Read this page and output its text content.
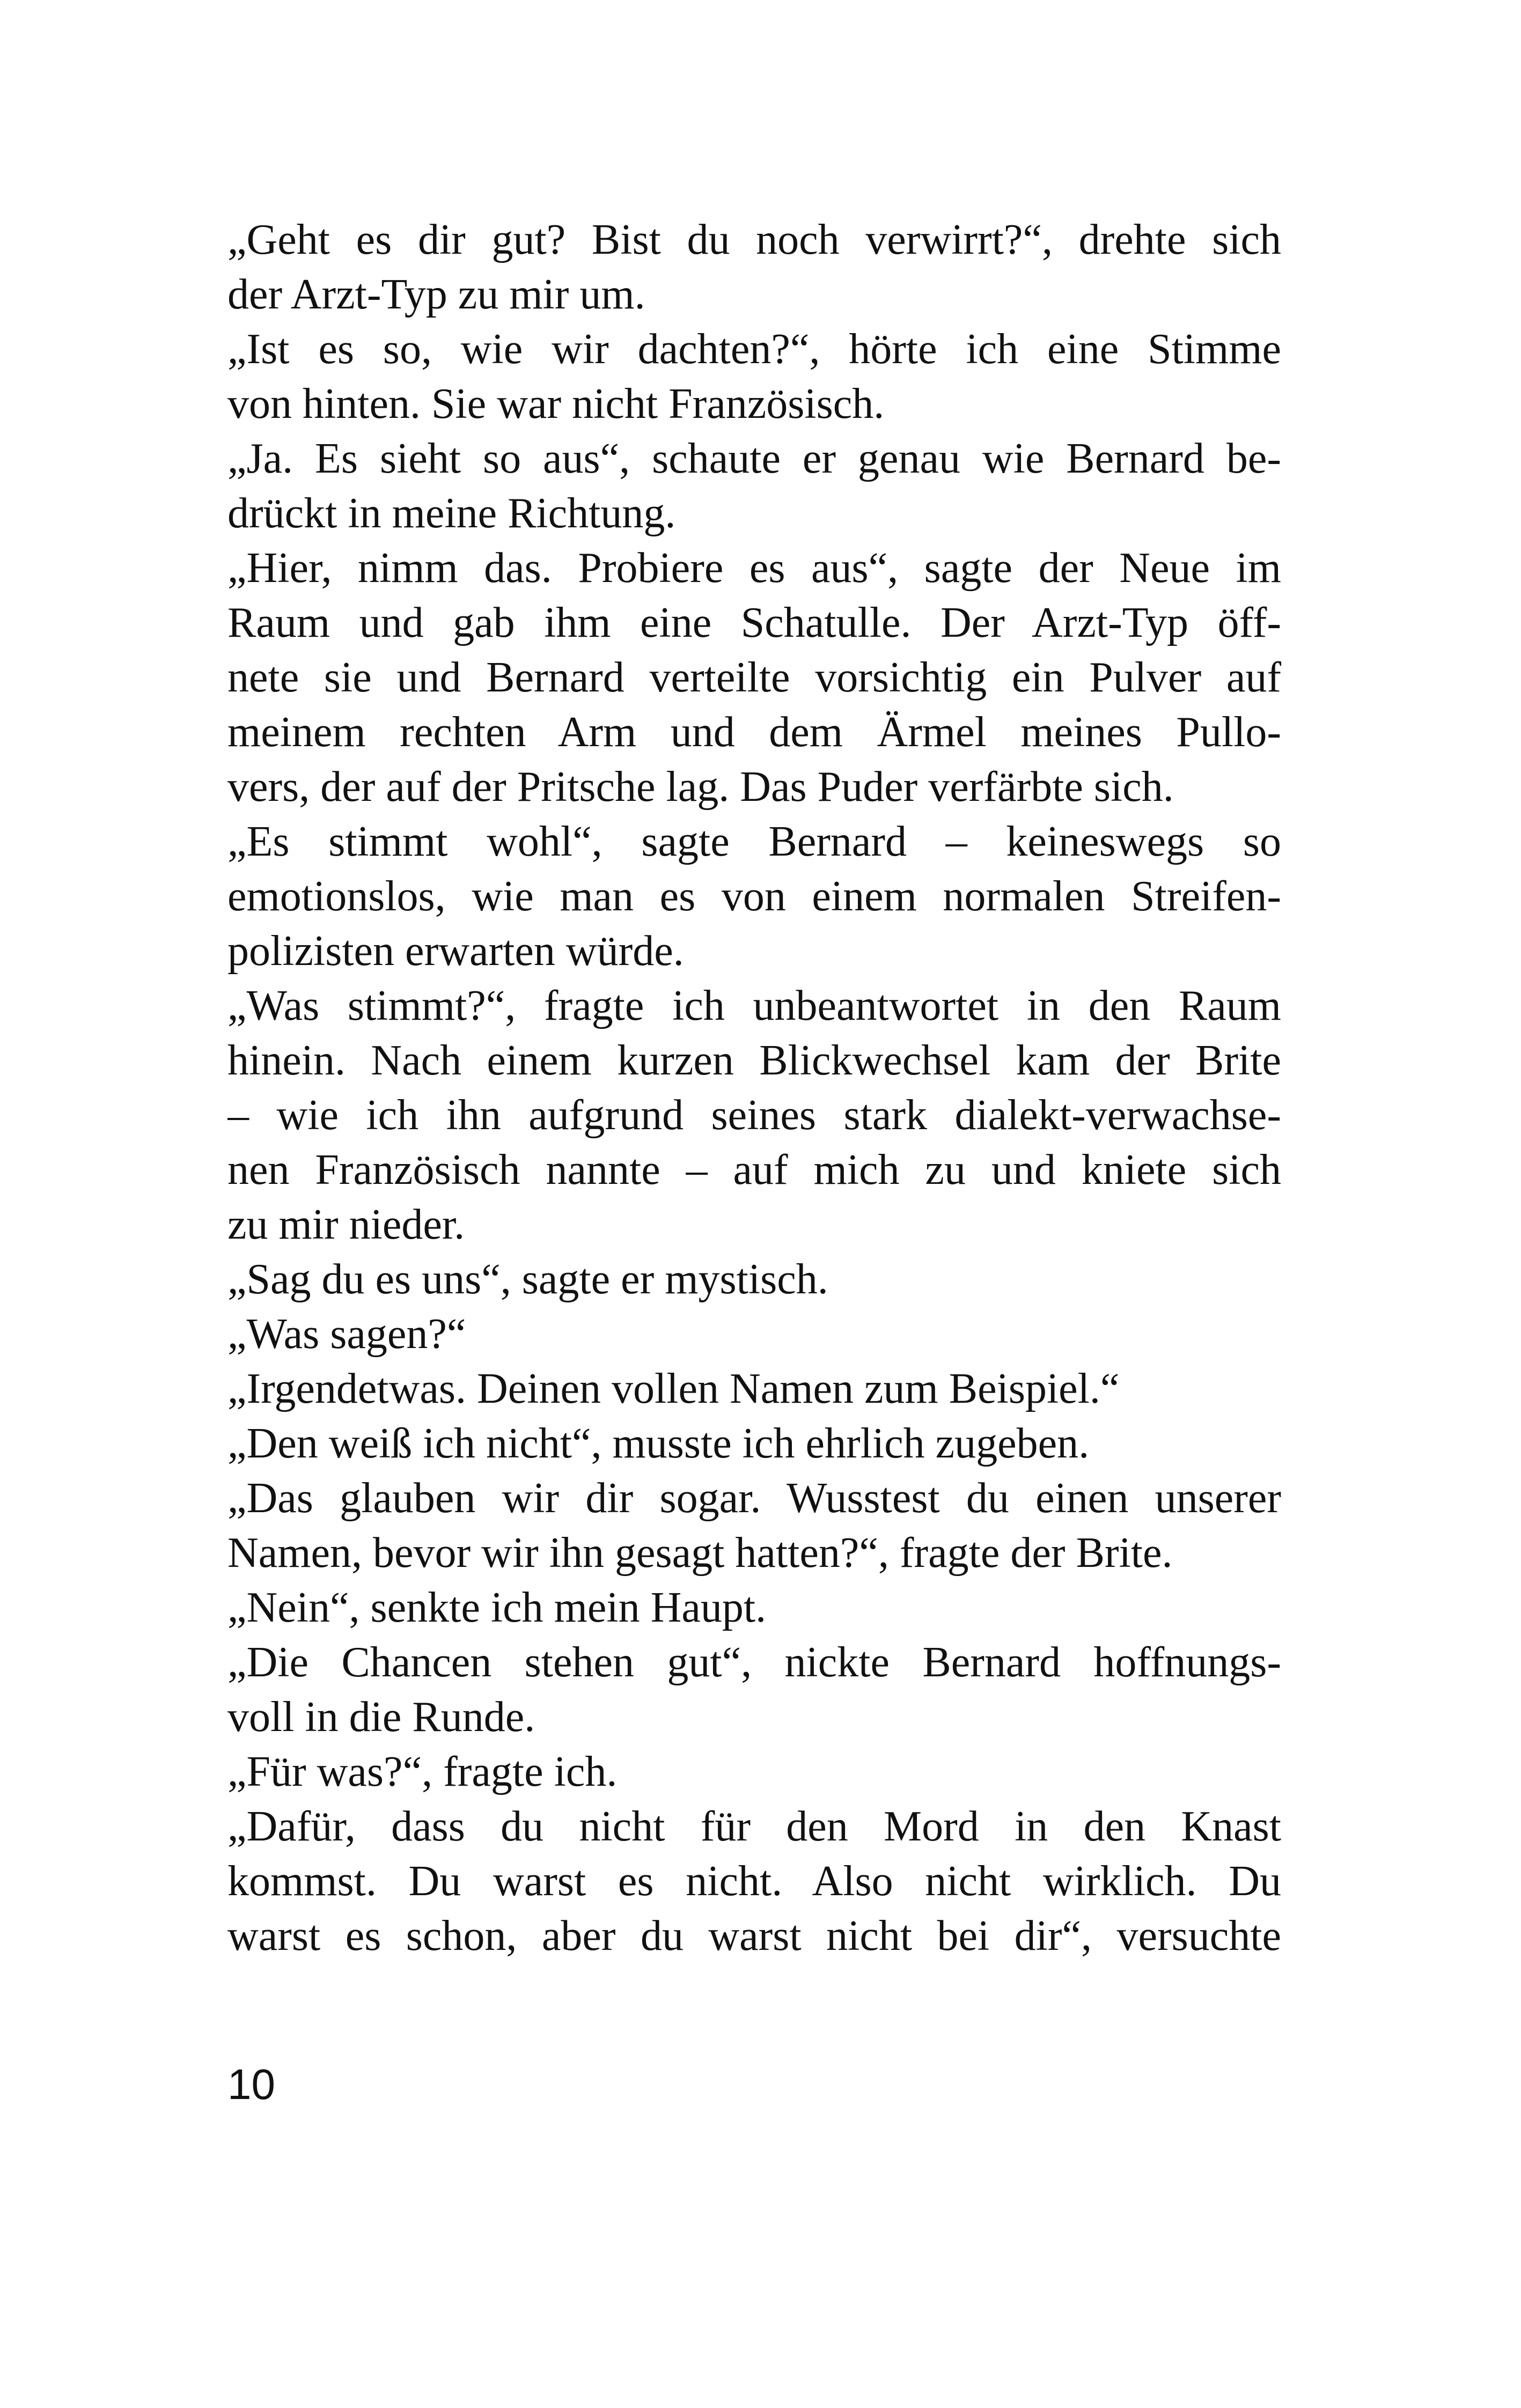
„Geht es dir gut? Bist du noch verwirrt?“, drehte sich
der Arzt-Typ zu mir um.
„Ist es so, wie wir dachten?“, hörte ich eine Stimme
von hinten. Sie war nicht Französisch.
„Ja. Es sieht so aus“, schaute er genau wie Bernard be-
drückt in meine Richtung.
„Hier, nimm das. Probiere es aus“, sagte der Neue im
Raum und gab ihm eine Schatulle. Der Arzt-Typ öff-
nete sie und Bernard verteilte vorsichtig ein Pulver auf
meinem rechten Arm und dem Ärmel meines Pullo-
vers, der auf der Pritsche lag. Das Puder verfärbte sich.
„Es stimmt wohl“, sagte Bernard – keineswegs so
emotionslos, wie man es von einem normalen Streifen-
polizisten erwarten würde.
„Was stimmt?“, fragte ich unbeantwortet in den Raum
hinein. Nach einem kurzen Blickwechsel kam der Brite
– wie ich ihn aufgrund seines stark dialekt-verwachse-
nen Französisch nannte – auf mich zu und kniete sich
zu mir nieder.
„Sag du es uns“, sagte er mystisch.
„Was sagen?“
„Irgendetwas. Deinen vollen Namen zum Beispiel.“
„Den weiß ich nicht“, musste ich ehrlich zugeben.
„Das glauben wir dir sogar. Wusstest du einen unserer
Namen, bevor wir ihn gesagt hatten?“, fragte der Brite.
„Nein“, senkte ich mein Haupt.
„Die Chancen stehen gut“, nickte Bernard hoffnungs-
voll in die Runde.
„Für was?“, fragte ich.
„Dafür, dass du nicht für den Mord in den Knast
kommst. Du warst es nicht. Also nicht wirklich. Du
warst es schon, aber du warst nicht bei dir“, versuchte
10
